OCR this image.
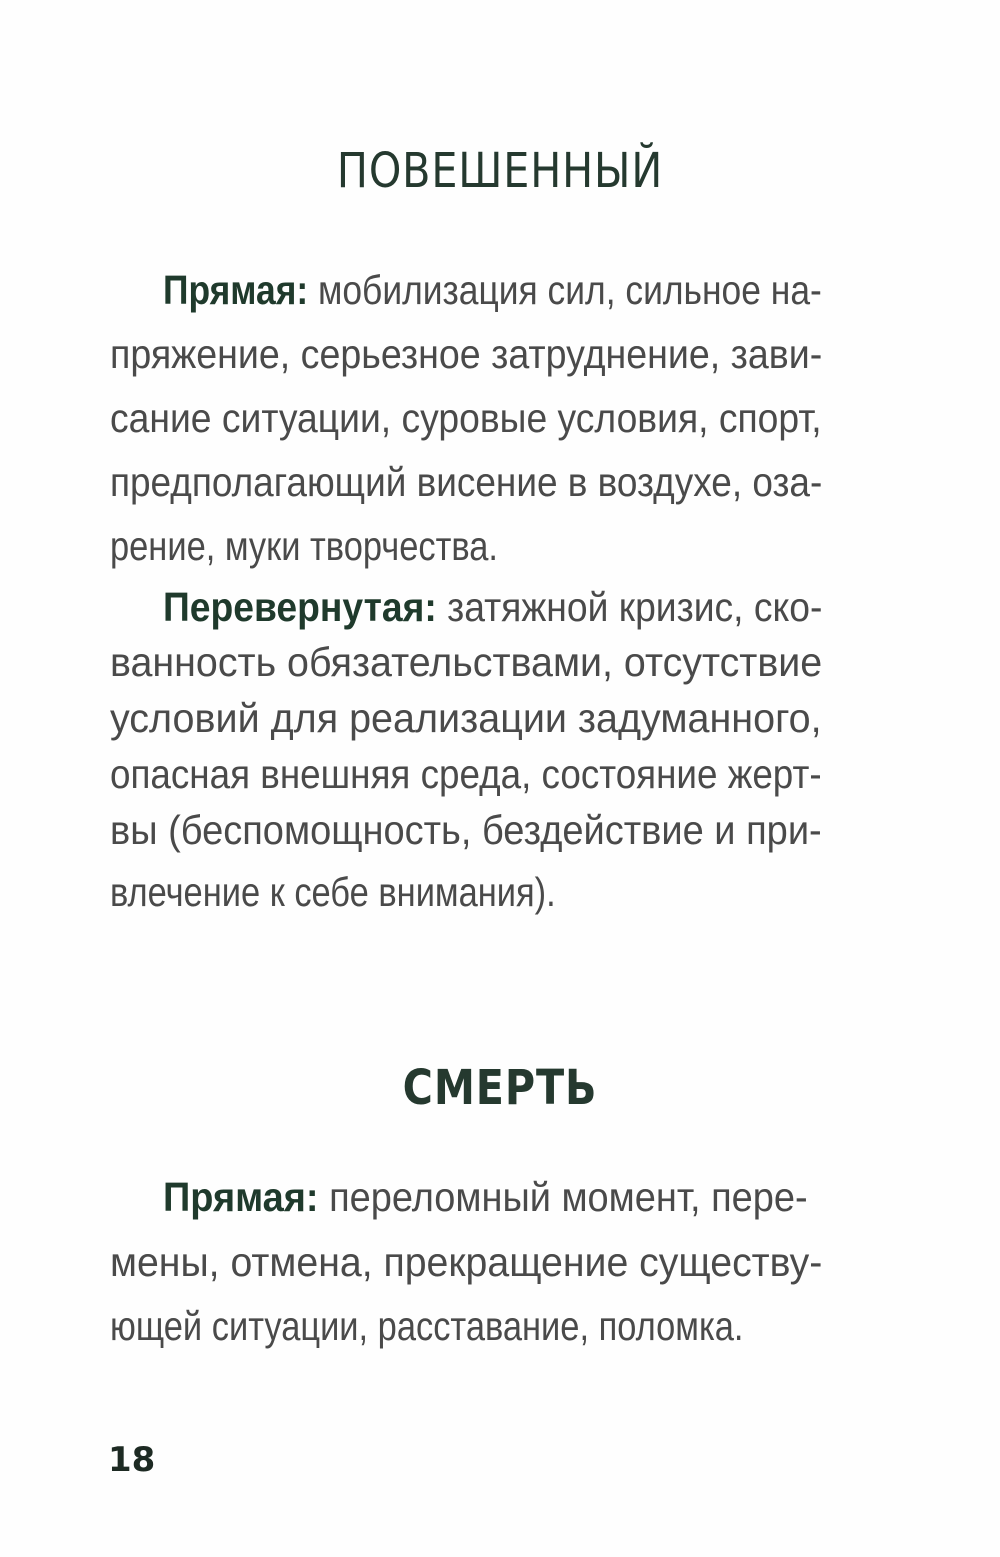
ПОВЕШЕННЫЙ
Прямая: мобилизация сил, сильное на-
пряжение, серьезное затруднение, зави-
сание ситуации, суровые условия, спорт,
предполагающий висение в воздухе, оза-
рение, муки творчества.
Перевернутая: затяжной кризис, ско-
ванность обязательствами, отсутствие
условий для реализации задуманного,
опасная внешняя среда, состояние жерт-
вы (беспомощность, бездействие и при-
влечение к себе внимания).
СМЕРТЬ
Прямая: переломный момент, пере-
мены, отмена, прекращение существу-
ющей ситуации, расставание, поломка.
18
